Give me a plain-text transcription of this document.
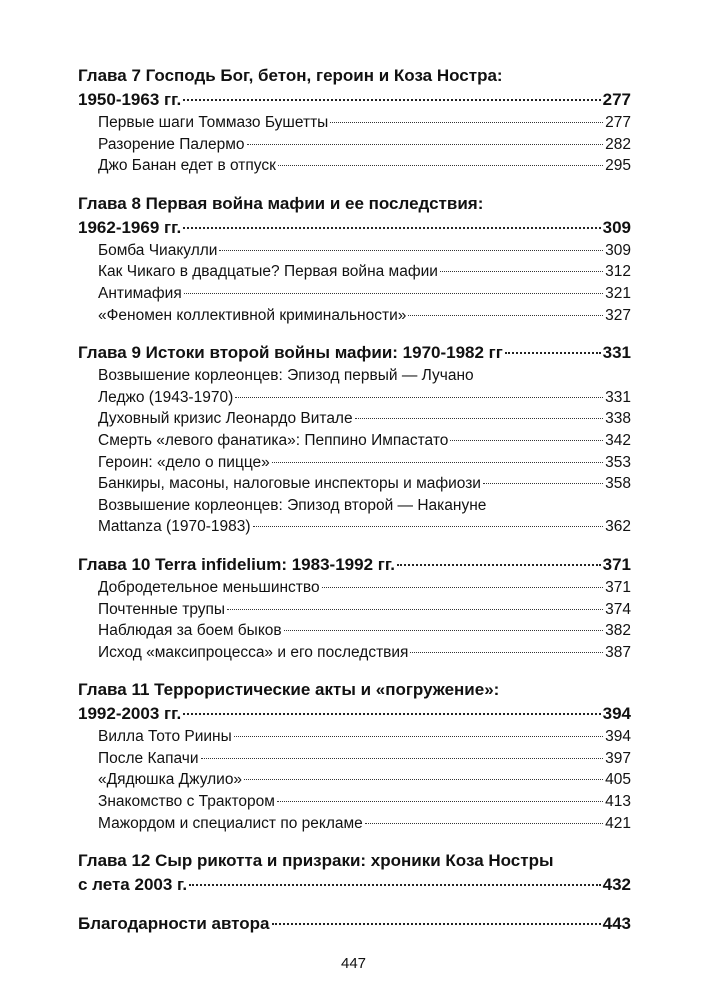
Глава 7 Господь Бог, бетон, героин и Коза Ностра:
1950-1963 гг.	277
Первые шаги Томмазо Бушетты	277
Разорение Палермо	282
Джо Банан едет в отпуск	295
Глава 8 Первая война мафии и ее последствия:
1962-1969 гг.	309
Бомба Чиакулли	309
Как Чикаго в двадцатые? Первая война мафии	312
Антимафия	321
«Феномен коллективной криминальности»	327
Глава 9 Истоки второй войны мафии: 1970-1982 гг	331
Возвышение корлеонцев: Эпизод первый — Лучано
Леджо (1943-1970)	331
Духовный кризис Леонардо Витале	338
Смерть «левого фанатика»: Пеппино Импастато	342
Героин: «дело о пицце»	353
Банкиры, масоны, налоговые инспекторы и мафиози	358
Возвышение корлеонцев: Эпизод второй — Накануне
Mattanza (1970-1983)	362
Глава 10 Terra infidelium: 1983-1992 гг.	371
Добродетельное меньшинство	371
Почтенные трупы	374
Наблюдая за боем быков	382
Исход «максипроцесса» и его последствия	387
Глава 11 Террористические акты и «погружение»:
1992-2003 гг.	394
Вилла Тото Риины	394
После Капачи	397
«Дядюшка Джулио»	405
Знакомство с Трактором	413
Мажордом и специалист по рекламе	421
Глава 12 Сыр рикотта и призраки: хроники Коза Ностры
с лета 2003 г.	432
Благодарности автора	443
447
